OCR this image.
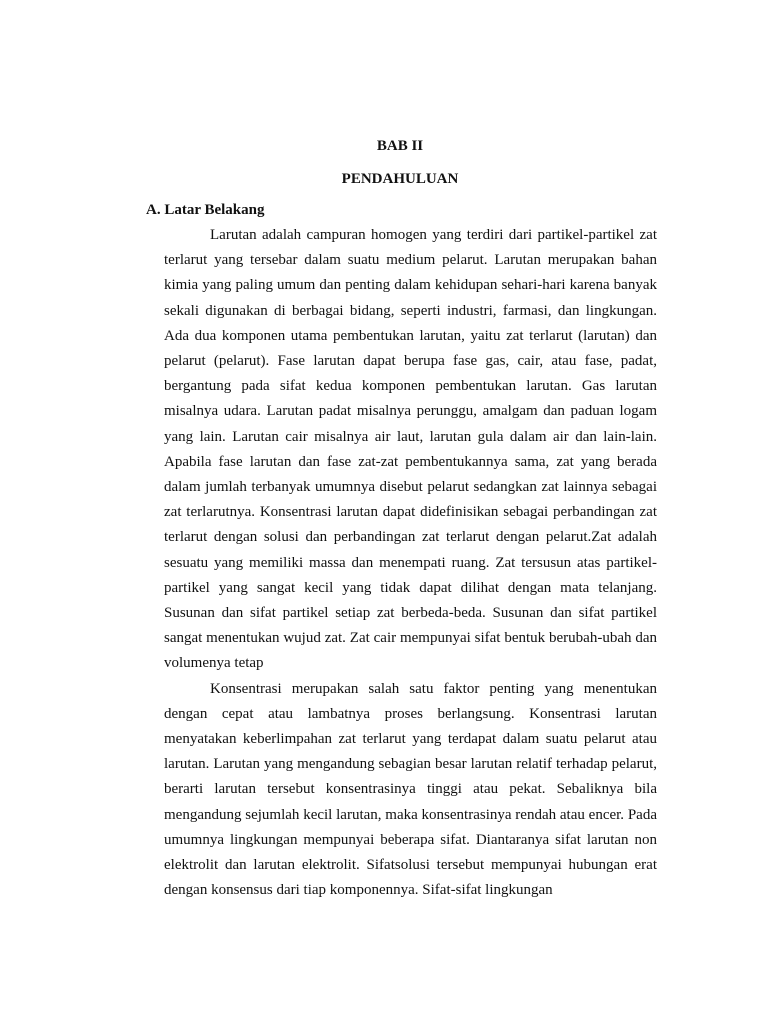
BAB II
PENDAHULUAN
A. Latar Belakang

Larutan adalah campuran homogen yang terdiri dari partikel-partikel zat terlarut yang tersebar dalam suatu medium pelarut. Larutan merupakan bahan kimia yang paling umum dan penting dalam kehidupan sehari-hari karena banyak sekali digunakan di berbagai bidang, seperti industri, farmasi, dan lingkungan. Ada dua komponen utama pembentukan larutan, yaitu zat terlarut (larutan) dan pelarut (pelarut). Fase larutan dapat berupa fase gas, cair, atau fase, padat, bergantung pada sifat kedua komponen pembentukan larutan. Gas larutan misalnya udara. Larutan padat misalnya perunggu, amalgam dan paduan logam yang lain. Larutan cair misalnya air laut, larutan gula dalam air dan lain-lain. Apabila fase larutan dan fase zat-zat pembentukannya sama, zat yang berada dalam jumlah terbanyak umumnya disebut pelarut sedangkan zat lainnya sebagai zat terlarutnya. Konsentrasi larutan dapat didefinisikan sebagai perbandingan zat terlarut dengan solusi dan perbandingan zat terlarut dengan pelarut.Zat adalah sesuatu yang memiliki massa dan menempati ruang. Zat tersusun atas partikel-partikel yang sangat kecil yang tidak dapat dilihat dengan mata telanjang. Susunan dan sifat partikel setiap zat berbeda-beda. Susunan dan sifat partikel sangat menentukan wujud zat. Zat cair mempunyai sifat bentuk berubah-ubah dan volumenya tetap

Konsentrasi merupakan salah satu faktor penting yang menentukan dengan cepat atau lambatnya proses berlangsung. Konsentrasi larutan menyatakan keberlimpahan zat terlarut yang terdapat dalam suatu pelarut atau larutan. Larutan yang mengandung sebagian besar larutan relatif terhadap pelarut, berarti larutan tersebut konsentrasinya tinggi atau pekat. Sebaliknya bila mengandung sejumlah kecil larutan, maka konsentrasinya rendah atau encer. Pada umumnya lingkungan mempunyai beberapa sifat. Diantaranya sifat larutan non elektrolit dan larutan elektrolit. Sifatsolusi tersebut mempunyai hubungan erat dengan konsensus dari tiap komponennya. Sifat-sifat lingkungan
